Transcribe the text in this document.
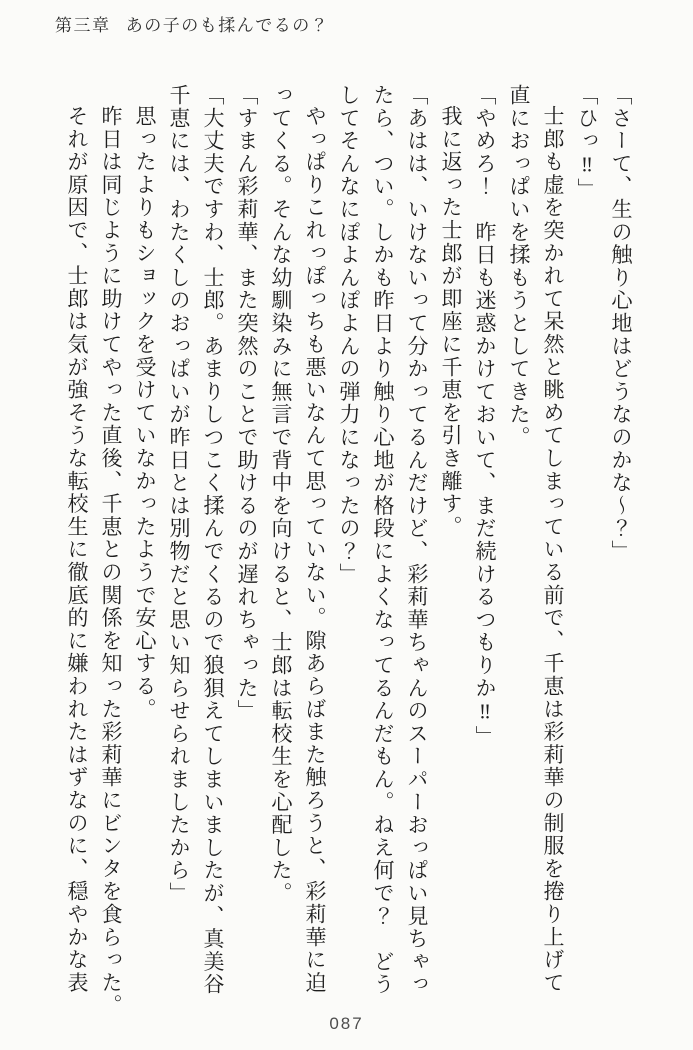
第三章 あの子のも揉んでるの？

「さーて、生の触り心地はどうなのかな〜？」

「ひっ‼」

士郎も虚を突かれて呆然と眺めてしまっている前で、千恵は彩莉華の制服を捲り上げて

直におっぱいを揉もうとしてきた。

「やめろ！　昨日も迷惑かけておいて、まだ続けるつもりか‼」

我に返った士郎が即座に千恵を引き離す。

「あはは、いけないって分かってるんだけど、彩莉華ちゃんのスーパーおっぱい見ちゃっ

たら、つい。しかも昨日より触り心地が格段によくなってるんだもん。ねえ何で？　どう

してそんなにぽよんぽよんの弾力になったの？」

やっぱりこれっぽっちも悪いなんて思っていない。隙あらばまた触ろうと、彩莉華に迫

ってくる。そんな幼馴染みに無言で背中を向けると、士郎は転校生を心配した。

「すまん彩莉華、また突然のことで助けるのが遅れちゃった」

「大丈夫ですわ、士郎。あまりしつこく揉んでくるので狼狽えてしまいましたが、真美谷

千恵には、わたくしのおっぱいが昨日とは別物だと思い知らせられましたから」

思ったよりもショックを受けていなかったようで安心する。

昨日は同じように助けてやった直後、千恵との関係を知った彩莉華にビンタを食らった。

それが原因で、士郎は気が強そうな転校生に徹底的に嫌われたはずなのに、穏やかな表

087
